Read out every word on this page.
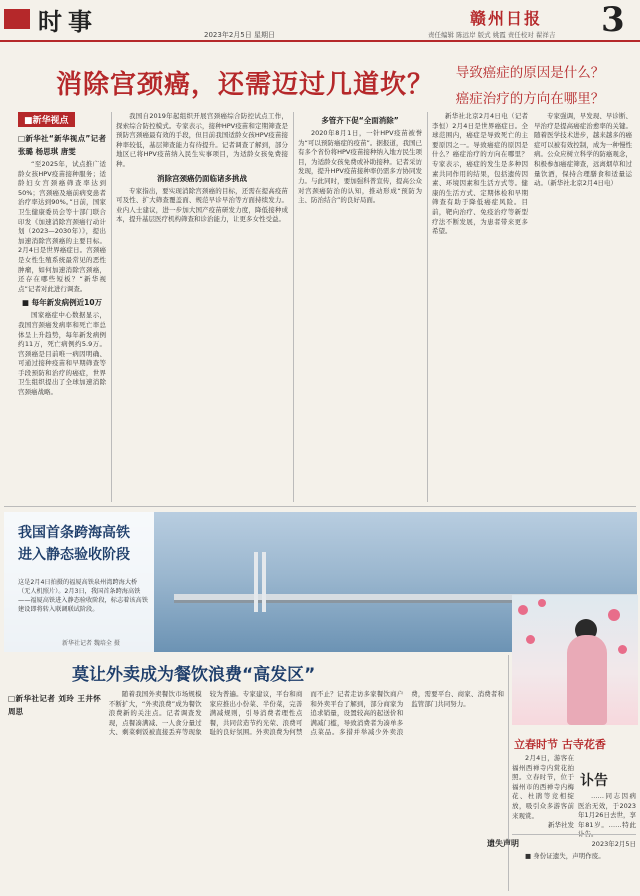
时事	2023年2月5日 星期日
赣州日报
责任编辑 陈远岸 版式 姚霞 责任校对 翟祥吉 3
消除宫颈癌，还需迈过几道坎？	导致癌症的原因是什么？
癌症治疗的方向在哪里？
■新华视点
□新华社“新华视点”记者 张璐 杨思琪 唐雯

“至2025年，试点推广适龄女孩HPV疫苗接种服务；适龄妇女宫颈癌筛查率达到50%；宫颈癌及癌前病变患者治疗率达到90%。”日前，国家卫生健康委员会等十部门联合印发《加速消除宫颈癌行动计划（2023—2030年）》，提出加速消除宫颈癌的主要目标。2月4日是世界癌症日。宫颈癌是女性生殖系统最常见的恶性肿瘤，如何加速消除宫颈癌，还存在哪些短板？“新华视点”记者对此进行调查。

■ 每年新发病例近10万

国家癌症中心数据显示，我国宫颈癌发病率和死亡率总体呈上升趋势，每年新发病例约11万，死亡病例约5.9万。宫颈癌是目前唯一病因明确、可通过接种疫苗和早期筛查等手段预防和治疗的癌症，世界卫生组织提出了全球加速消除宫颈癌战略。

我国自2019年起组织开展宫颈癌综合防控试点工作，探索综合防控模式。专家表示，接种HPV疫苗和定期筛查是预防宫颈癌最有效的手段，但目前我国适龄女孩HPV疫苗接种率较低，基层筛查能力有待提升。记者调查了解到，部分地区已将HPV疫苗纳入民生实事项目，为适龄女孩免费接种。

消除宫颈癌仍面临诸多挑战

专家指出，要实现消除宫颈癌的目标，还需在提高疫苗可及性、扩大筛查覆盖面、规范早诊早治等方面持续发力。业内人士建议，进一步加大国产疫苗研发力度，降低接种成本，提升基层医疗机构筛查和诊治能力，让更多女性受益。

多管齐下促“全面消除”

2020年8月1日，一针HPV疫苗被誉为“可以预防癌症的疫苗”。据报道，我国已有多个省份将HPV疫苗接种纳入地方民生项目，为适龄女孩免费或补助接种。记者采访发现，提升HPV疫苗接种率仍需多方协同发力。与此同时，要加强科普宣传，提高公众对宫颈癌防治的认知，推动形成“预防为主、防治结合”的良好局面。

新华社北京2月4日电（记者李恒）2月4日是世界癌症日。全球范围内，癌症是导致死亡的主要原因之一。导致癌症的原因是什么？癌症治疗的方向在哪里？专家表示，癌症的发生是多种因素共同作用的结果，包括遗传因素、环境因素和生活方式等。健康的生活方式、定期体检和早期筛查有助于降低癌症风险。目前，靶向治疗、免疫治疗等新型疗法不断发展，为患者带来更多希望。

专家强调，早发现、早诊断、早治疗是提高癌症治愈率的关键。随着医学技术进步，越来越多的癌症可以被有效控制，成为一种慢性病。公众应树立科学的防癌观念，积极参加癌症筛查，远离烟草和过量饮酒，保持合理膳食和适量运动。（新华社北京2月4日电）

我国首条跨海高铁
进入静态验收阶段
这是2月4日拍摄的福厦高铁泉州湾跨海大桥（无人机照片）。2月3日，我国首条跨海高铁——福厦高铁进入静态验收阶段，标志着该高铁建设即将转入联调联试阶段。
新华社记者 魏培全 摄
莫让外卖成为餐饮浪费“高发区”
□新华社记者 刘玲 王井怀 周思

随着我国外卖餐饮市场规模不断扩大，“外卖浪费”成为餐饮浪费新的关注点。记者调查发现，点餐凑满减、一人食分量过大、剩菜剩饭被直接丢弃等现象较为普遍。专家建议，平台和商家应推出小份菜、半份菜，完善满减规则，引导消费者理性点餐，共同营造节约光荣、浪费可耻的良好氛围。外卖浪费为何禁而不止？记者走访多家餐饮商户和外卖平台了解到，部分商家为追求销量，设置较高的起送价和满减门槛，导致消费者为凑单多点菜品。多措并举减少外卖浪费，需要平台、商家、消费者和监管部门共同努力。

立春时节 古寺花香

2月4日，游客在福州西禅寺内赏花拍照。立春时节，位于福州市的西禅寺内梅花、杜鹃等竞相绽放，吸引众多游客前来观赏。

新华社发
讣告

……同志因病医治无效，于2023年1月26日去世，享年81岁。……特此

2023年2月5日
遗失声明

■ 身份证遗失，声明作废。
